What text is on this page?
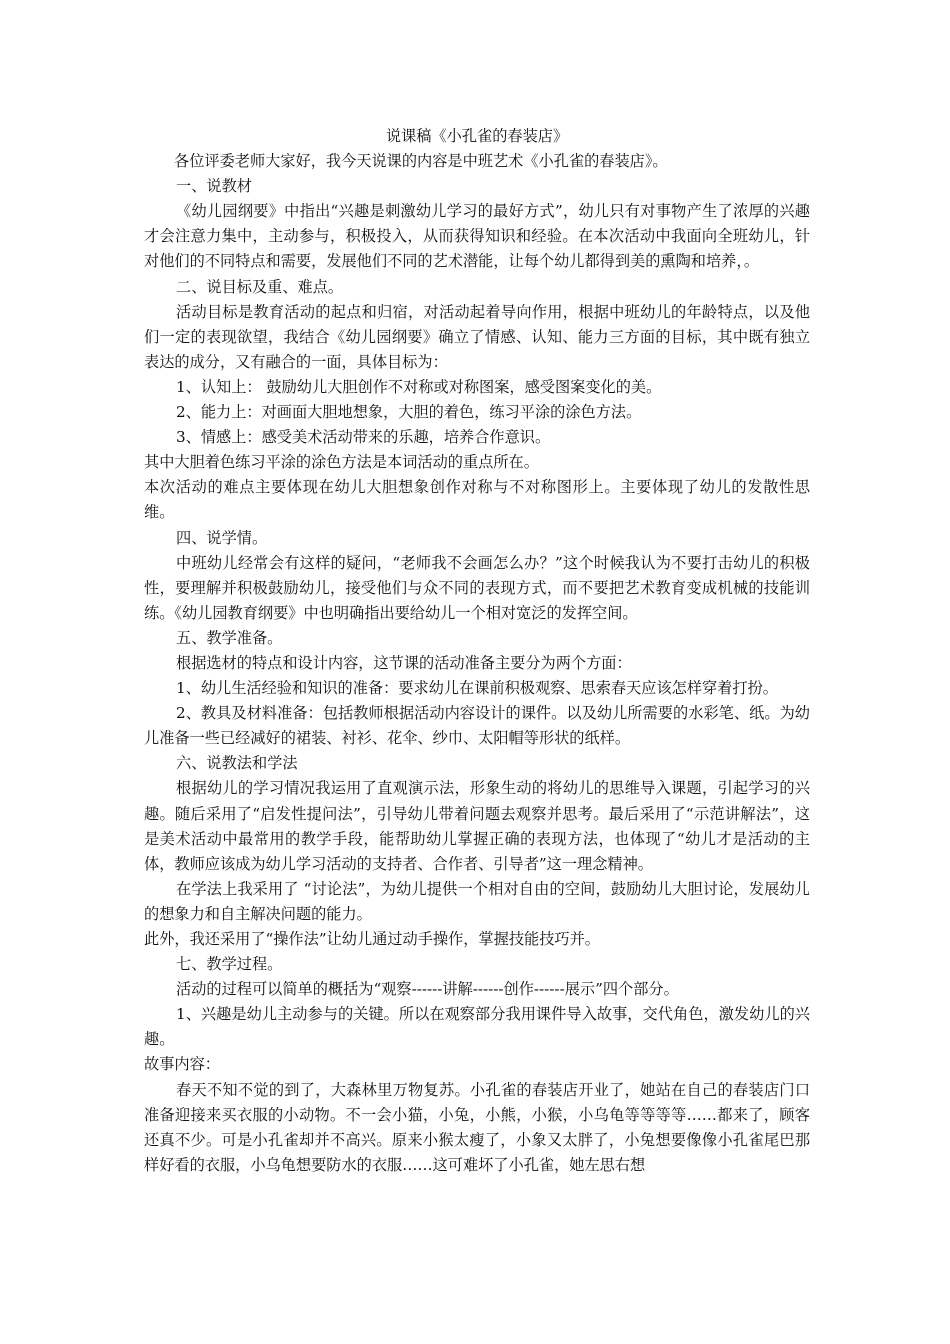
说课稿《小孔雀的春装店》

各位评委老师大家好，我今天说课的内容是中班艺术《小孔雀的春装店》。

一、说教材

《幼儿园纲要》中指出“兴趣是刺激幼儿学习的最好方式”，幼儿只有对事物产生了浓厚的兴趣才会注意力集中，主动参与，积极投入，从而获得知识和经验。在本次活动中我面向全班幼儿，针对他们的不同特点和需要，发展他们不同的艺术潜能，让每个幼儿都得到美的熏陶和培养，。

二、说目标及重、难点。

活动目标是教育活动的起点和归宿，对活动起着导向作用，根据中班幼儿的年龄特点，以及他们一定的表现欲望，我结合《幼儿园纲要》确立了情感、认知、能力三方面的目标，其中既有独立表达的成分，又有融合的一面，具体目标为：

1、认知上： 鼓励幼儿大胆创作不对称或对称图案，感受图案变化的美。

2、能力上：对画面大胆地想象，大胆的着色，练习平涂的涂色方法。

3、情感上：感受美术活动带来的乐趣，培养合作意识。

其中大胆着色练习平涂的涂色方法是本词活动的重点所在。

本次活动的难点主要体现在幼儿大胆想象创作对称与不对称图形上。主要体现了幼儿的发散性思维。

四、说学情。

中班幼儿经常会有这样的疑问，“老师我不会画怎么办？”这个时候我认为不要打击幼儿的积极性，要理解并积极鼓励幼儿，接受他们与众不同的表现方式，而不要把艺术教育变成机械的技能训练。《幼儿园教育纲要》中也明确指出要给幼儿一个相对宽泛的发挥空间。

五、教学准备。

根据选材的特点和设计内容，这节课的活动准备主要分为两个方面：

1、幼儿生活经验和知识的准备：要求幼儿在课前积极观察、思索春天应该怎样穿着打扮。

2、教具及材料准备：包括教师根据活动内容设计的课件。以及幼儿所需要的水彩笔、纸。为幼儿准备一些已经减好的裙装、衬衫、花伞、纱巾、太阳帽等形状的纸样。

六、说教法和学法

根据幼儿的学习情况我运用了直观演示法，形象生动的将幼儿的思维导入课题，引起学习的兴趣。随后采用了“启发性提问法”，引导幼儿带着问题去观察并思考。最后采用了“示范讲解法”，这是美术活动中最常用的教学手段，能帮助幼儿掌握正确的表现方法，也体现了“幼儿才是活动的主体，教师应该成为幼儿学习活动的支持者、合作者、引导者”这一理念精神。

在学法上我采用了 “讨论法”，为幼儿提供一个相对自由的空间，鼓励幼儿大胆讨论，发展幼儿的想象力和自主解决问题的能力。

此外，我还采用了“操作法”让幼儿通过动手操作，掌握技能技巧并。

七、教学过程。

活动的过程可以简单的概括为“观察------讲解------创作------展示”四个部分。

1、兴趣是幼儿主动参与的关键。所以在观察部分我用课件导入故事，交代角色，激发幼儿的兴趣。

故事内容：

春天不知不觉的到了，大森林里万物复苏。小孔雀的春装店开业了，她站在自己的春装店门口准备迎接来买衣服的小动物。不一会小猫，小兔，小熊，小猴，小乌龟等等等等……都来了，顾客还真不少。可是小孔雀却并不高兴。原来小猴太瘦了，小象又太胖了，小兔想要像像小孔雀尾巴那样好看的衣服，小乌龟想要防水的衣服……这可难坏了小孔雀，她左思右想
